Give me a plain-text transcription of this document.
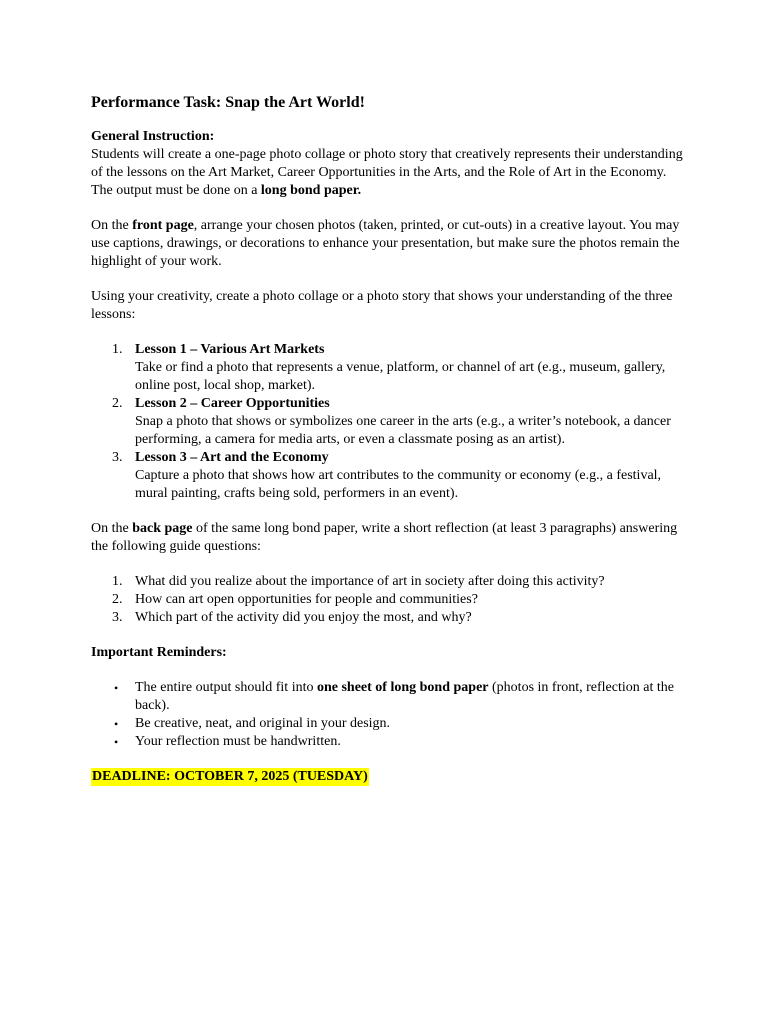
Performance Task: Snap the Art World!
General Instruction:

Students will create a one-page photo collage or photo story that creatively represents their understanding of the lessons on the Art Market, Career Opportunities in the Arts, and the Role of Art in the Economy. The output must be done on a long bond paper.

On the front page, arrange your chosen photos (taken, printed, or cut-outs) in a creative layout. You may use captions, drawings, or decorations to enhance your presentation, but make sure the photos remain the highlight of your work.

Using your creativity, create a photo collage or a photo story that shows your understanding of the three lessons:

1. Lesson 1 – Various Art Markets
Take or find a photo that represents a venue, platform, or channel of art (e.g., museum, gallery, online post, local shop, market).
2. Lesson 2 – Career Opportunities
Snap a photo that shows or symbolizes one career in the arts (e.g., a writer’s notebook, a dancer performing, a camera for media arts, or even a classmate posing as an artist).
3. Lesson 3 – Art and the Economy
Capture a photo that shows how art contributes to the community or economy (e.g., a festival, mural painting, crafts being sold, performers in an event).

On the back page of the same long bond paper, write a short reflection (at least 3 paragraphs) answering the following guide questions:

1. What did you realize about the importance of art in society after doing this activity?
2. How can art open opportunities for people and communities?
3. Which part of the activity did you enjoy the most, and why?
Important Reminders:
• The entire output should fit into one sheet of long bond paper (photos in front, reflection at the back).
• Be creative, neat, and original in your design.
• Your reflection must be handwritten.
DEADLINE: OCTOBER 7, 2025 (TUESDAY)
